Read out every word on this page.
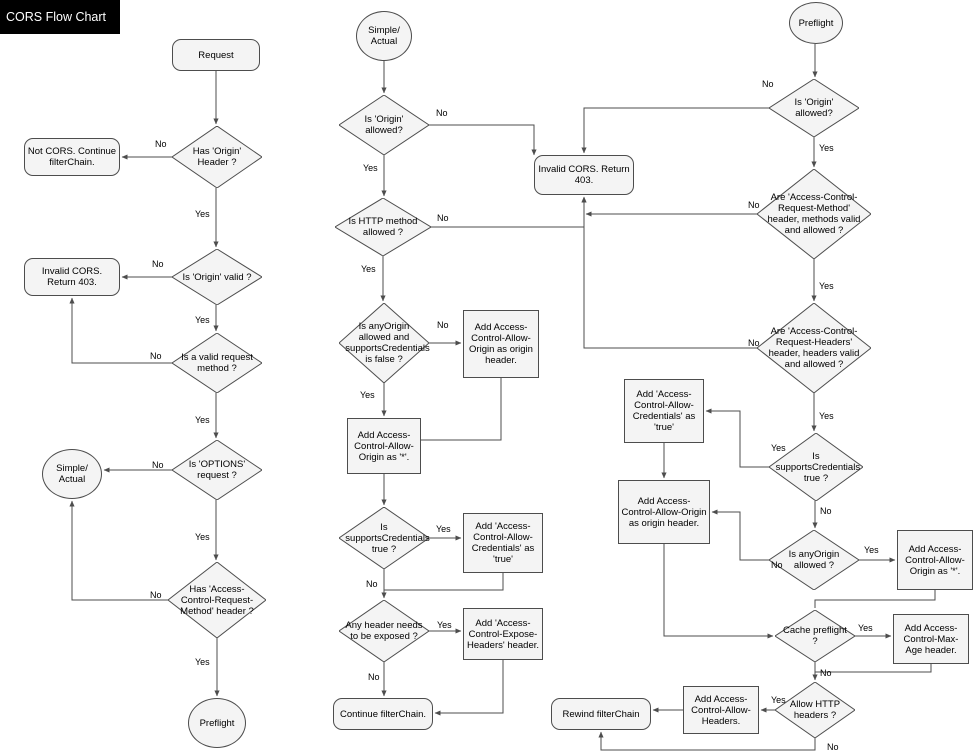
Request
Has 'Origin' Header ?
Not CORS. Continue filterChain.
Is 'Origin' valid ?
Invalid CORS. Return 403.
Is a valid request method ?
Is 'OPTIONS' request ?
Simple/ Actual
Has 'Access-Control-Request-Method' header ?
Preflight
Simple/ Actual
Is 'Origin' allowed?
Invalid CORS. Return 403.
Is HTTP method allowed ?
Is anyOrigin allowed and supportsCredentials is false ?
Add Access-Control-Allow-Origin as origin header.
Add Access-Control-Allow-Origin as '*'.
Is supportsCredentials true ?
Add 'Access-Control-Allow-Credentials' as 'true'
Any header needs to be exposed ?
Add 'Access-Control-Expose-Headers' header.
Continue filterChain.
Preflight
Is 'Origin' allowed?
Are 'Access-Control-Request-Method' header, methods valid and allowed ?
Are 'Access-Control-Request-Headers' header, headers valid and allowed ?
Is supportsCredentials true ?
Add 'Access-Control-Allow-Credentials' as 'true'
Add Access-Control-Allow-Origin as origin header.
Is anyOrigin allowed ?
Add Access-Control-Allow-Origin as '*'.
Cache preflight ?
Add Access-Control-Max-Age header.
Allow HTTP headers ?
Add Access-Control-Allow-Headers.
Rewind filterChain
No
Yes
No
Yes
No
Yes
No
Yes
No
Yes
No
Yes
No
Yes
No
Yes
Yes
No
Yes
No
No
Yes
No
Yes
No
Yes
Yes
No
No
Yes
Yes
No
Yes
No
CORS Flow Chart
